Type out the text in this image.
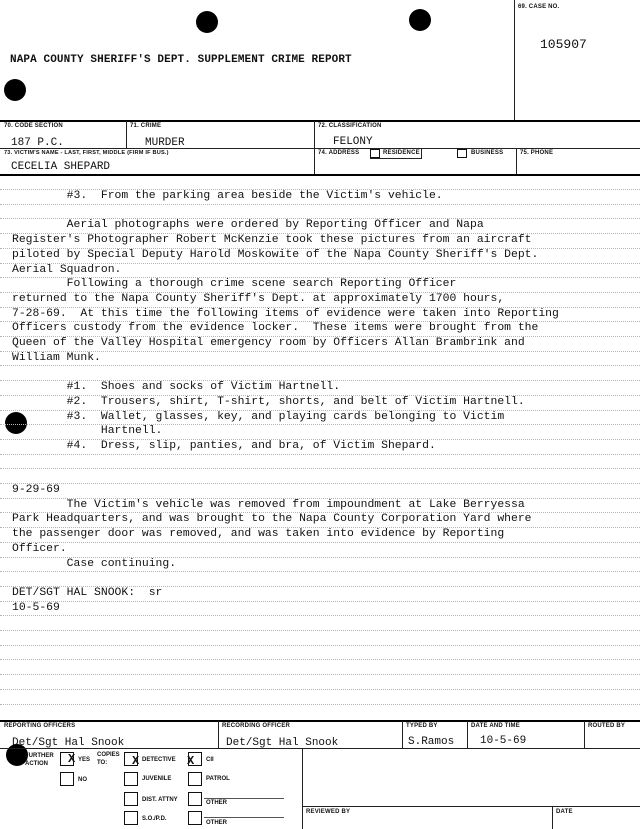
NAPA COUNTY SHERIFF'S DEPT. SUPPLEMENT CRIME REPORT
69. CASE NO.
105907
70. CODE SECTION
187 P.C.
71. CRIME
MURDER
72. CLASSIFICATION
FELONY
73. VICTIM'S NAME - LAST, FIRST, MIDDLE (FIRM IF BUS.)
CECELIA SHEPARD
74. ADDRESS	RESIDENCE	BUSINESS	75. PHONE
#3.  From the parking area beside the Victim's vehicle.
Aerial photographs were ordered by Reporting Officer and Napa
Register's Photographer Robert McKenzie took these pictures from an aircraft
piloted by Special Deputy Harold Moskowite of the Napa County Sheriff's Dept.
Aerial Squadron.
Following a thorough crime scene search Reporting Officer
returned to the Napa County Sheriff's Dept. at approximately 1700 hours,
7-28-69.  At this time the following items of evidence were taken into Reporting
Officers custody from the evidence locker.  These items were brought from the
Queen of the Valley Hospital emergency room by Officers Allan Brambrink and
William Munk.
#1.  Shoes and socks of Victim Hartnell.
#2.  Trousers, shirt, T-shirt, shorts, and belt of Victim Hartnell.
#3.  Wallet, glasses, key, and playing cards belonging to Victim
Hartnell.
#4.  Dress, slip, panties, and bra, of Victim Shepard.
9-29-69
The Victim's vehicle was removed from impoundment at Lake Berryessa
Park Headquarters, and was brought to the Napa County Corporation Yard where
the passenger door was removed, and was taken into evidence by Reporting
Officer.
Case continuing.
DET/SGT HAL SNOOK:  sr
10-5-69
REPORTING OFFICERS
Det/Sgt Hal Snook
RECORDING OFFICER
Det/Sgt Hal Snook
TYPED BY
S.Ramos
DATE AND TIME
10-5-69
ROUTED BY
FURTHER ACTION	X YES
NO
COPIES TO:	X DETECTIVE X CII
JUVENILE	PATROL
DIST. ATTNY	OTHER
S.O./P.D.
OTHER
REVIEWED BY	DATE
